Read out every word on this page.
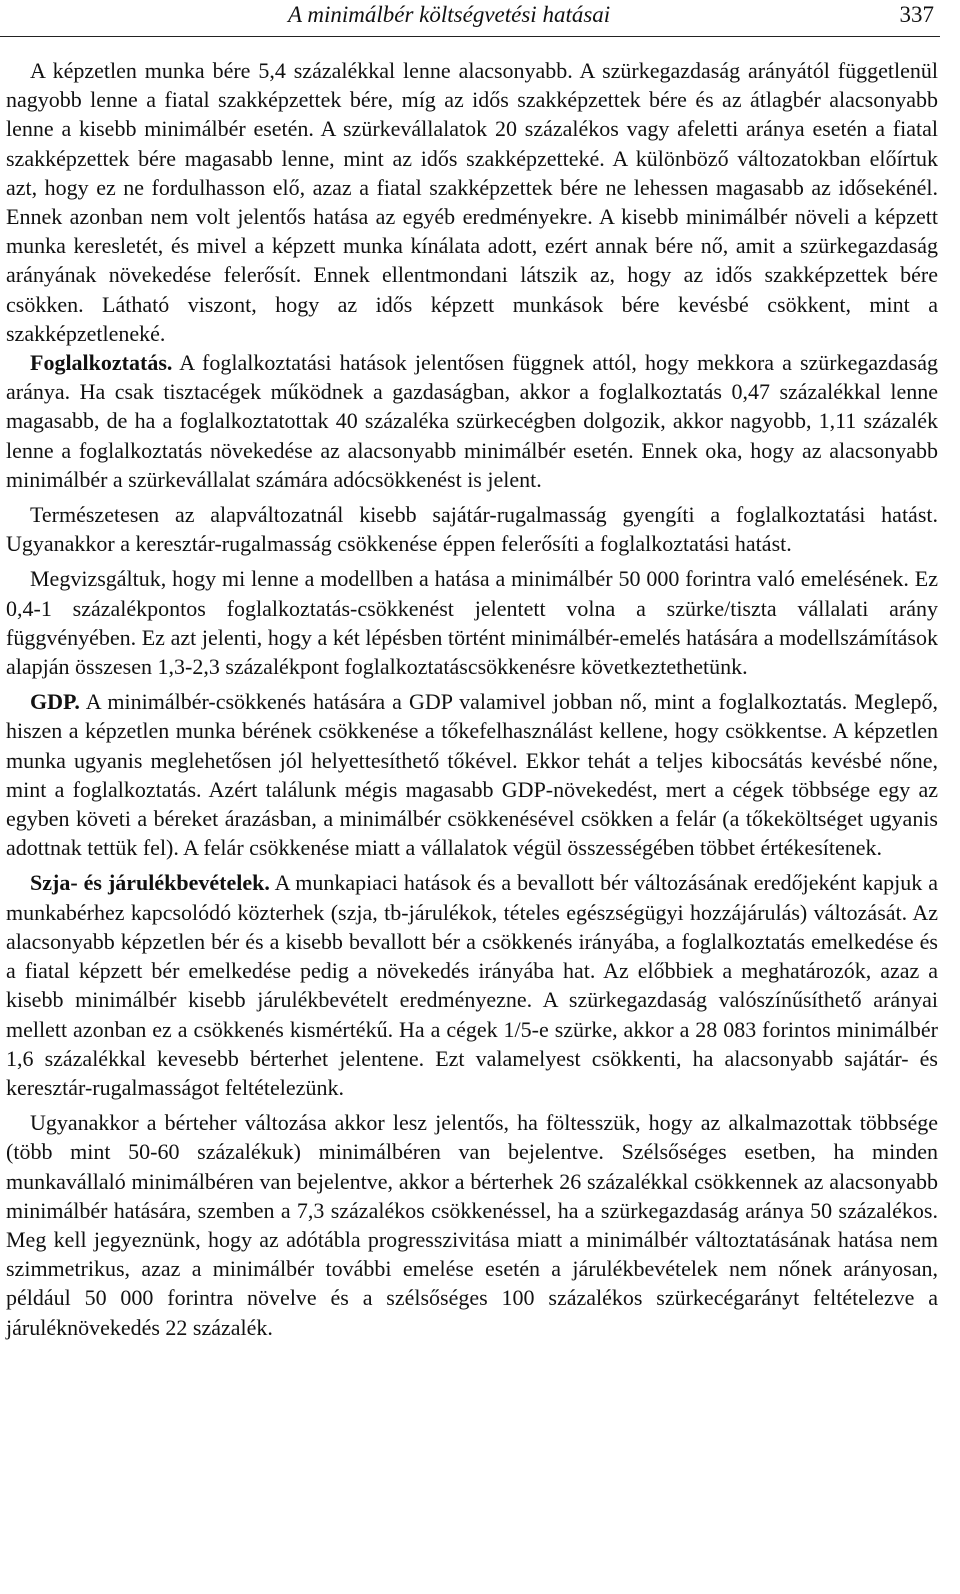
A minimálbér költségvetési hatásai	337

A képzetlen munka bére 5,4 százalékkal lenne alacsonyabb. A szürkegazdaság arányától függetlenül nagyobb lenne a fiatal szakképzettek bére, míg az idős szakképzettek bére és az átlagbér alacsonyabb lenne a kisebb minimálbér esetén. A szürkevállalatok 20 százalékos vagy afeletti aránya esetén a fiatal szakképzettek bére magasabb lenne, mint az idős szakképzetteké. A különböző változatokban előírtuk azt, hogy ez ne fordulhasson elő, azaz a fiatal szakképzettek bére ne lehessen magasabb az idősekénél. Ennek azonban nem volt jelentős hatása az egyéb eredményekre. A kisebb minimálbér növeli a képzett munka keresletét, és mivel a képzett munka kínálata adott, ezért annak bére nő, amit a szürkegazdaság arányának növekedése felerősít. Ennek ellentmondani látszik az, hogy az idős szakképzettek bére csökken. Látható viszont, hogy az idős képzett munkások bére kevésbé csökkent, mint a szakképzetleneké.

Foglalkoztatás. A foglalkoztatási hatások jelentősen függnek attól, hogy mekkora a szürkegazdaság aránya. Ha csak tisztacégek működnek a gazdaságban, akkor a foglalkoztatás 0,47 százalékkal lenne magasabb, de ha a foglalkoztatottak 40 százaléka szürkecégben dolgozik, akkor nagyobb, 1,11 százalék lenne a foglalkoztatás növekedése az alacsonyabb minimálbér esetén. Ennek oka, hogy az alacsonyabb minimálbér a szürkevállalat számára adócsökkenést is jelent.

Természetesen az alapváltozatnál kisebb sajátár-rugalmasság gyengíti a foglalkoztatási hatást. Ugyanakkor a keresztár-rugalmasság csökkenése éppen felerősíti a foglalkoztatási hatást.

Megvizsgáltuk, hogy mi lenne a modellben a hatása a minimálbér 50 000 forintra való emelésének. Ez 0,4-1 százalékpontos foglalkoztatás-csökkenést jelentett volna a szürke/tiszta vállalati arány függvényében. Ez azt jelenti, hogy a két lépésben történt minimálbér-emelés hatására a modellszámítások alapján összesen 1,3-2,3 százalékpont foglalkoztatáscsökkenésre következtethetünk.

GDP. A minimálbér-csökkenés hatására a GDP valamivel jobban nő, mint a foglalkoztatás. Meglepő, hiszen a képzetlen munka bérének csökkenése a tőkefelhasználást kellene, hogy csökkentse. A képzetlen munka ugyanis meglehetősen jól helyettesíthető tőkével. Ekkor tehát a teljes kibocsátás kevésbé nőne, mint a foglalkoztatás. Azért találunk mégis magasabb GDP-növekedést, mert a cégek többsége egy az egyben követi a béreket árazásban, a minimálbér csökkenésével csökken a felár (a tőkeköltséget ugyanis adottnak tettük fel). A felár csökkenése miatt a vállalatok végül összességében többet értékesítenek.

Szja- és járulékbevételek. A munkapiaci hatások és a bevallott bér változásának eredőjeként kapjuk a munkabérhez kapcsolódó közterhek (szja, tb-járulékok, tételes egészségügyi hozzájárulás) változását. Az alacsonyabb képzetlen bér és a kisebb bevallott bér a csökkenés irányába, a foglalkoztatás emelkedése és a fiatal képzett bér emelkedése pedig a növekedés irányába hat. Az előbbiek a meghatározók, azaz a kisebb minimálbér kisebb járulékbevételt eredményezne. A szürkegazdaság valószínűsíthető arányai mellett azonban ez a csökkenés kismértékű. Ha a cégek 1/5-e szürke, akkor a 28 083 forintos minimálbér 1,6 százalékkal kevesebb bérterhet jelentene. Ezt valamelyest csökkenti, ha alacsonyabb sajátár- és keresztár-rugalmasságot feltételezünk.

Ugyanakkor a bérteher változása akkor lesz jelentős, ha föltesszük, hogy az alkalmazottak többsége (több mint 50-60 százalékuk) minimálbéren van bejelentve. Szélsőséges esetben, ha minden munkavállaló minimálbéren van bejelentve, akkor a bérterhek 26 százalékkal csökkennek az alacsonyabb minimálbér hatására, szemben a 7,3 százalékos csökkenéssel, ha a szürkegazdaság aránya 50 százalékos. Meg kell jegyeznünk, hogy az adótábla progresszivitása miatt a minimálbér változtatásának hatása nem szimmetrikus, azaz a minimálbér további emelése esetén a járulékbevételek nem nőnek arányosan, például 50 000 forintra növelve és a szélsőséges 100 százalékos szürkecégarányt feltételezve a járuléknövekedés 22 százalék.
